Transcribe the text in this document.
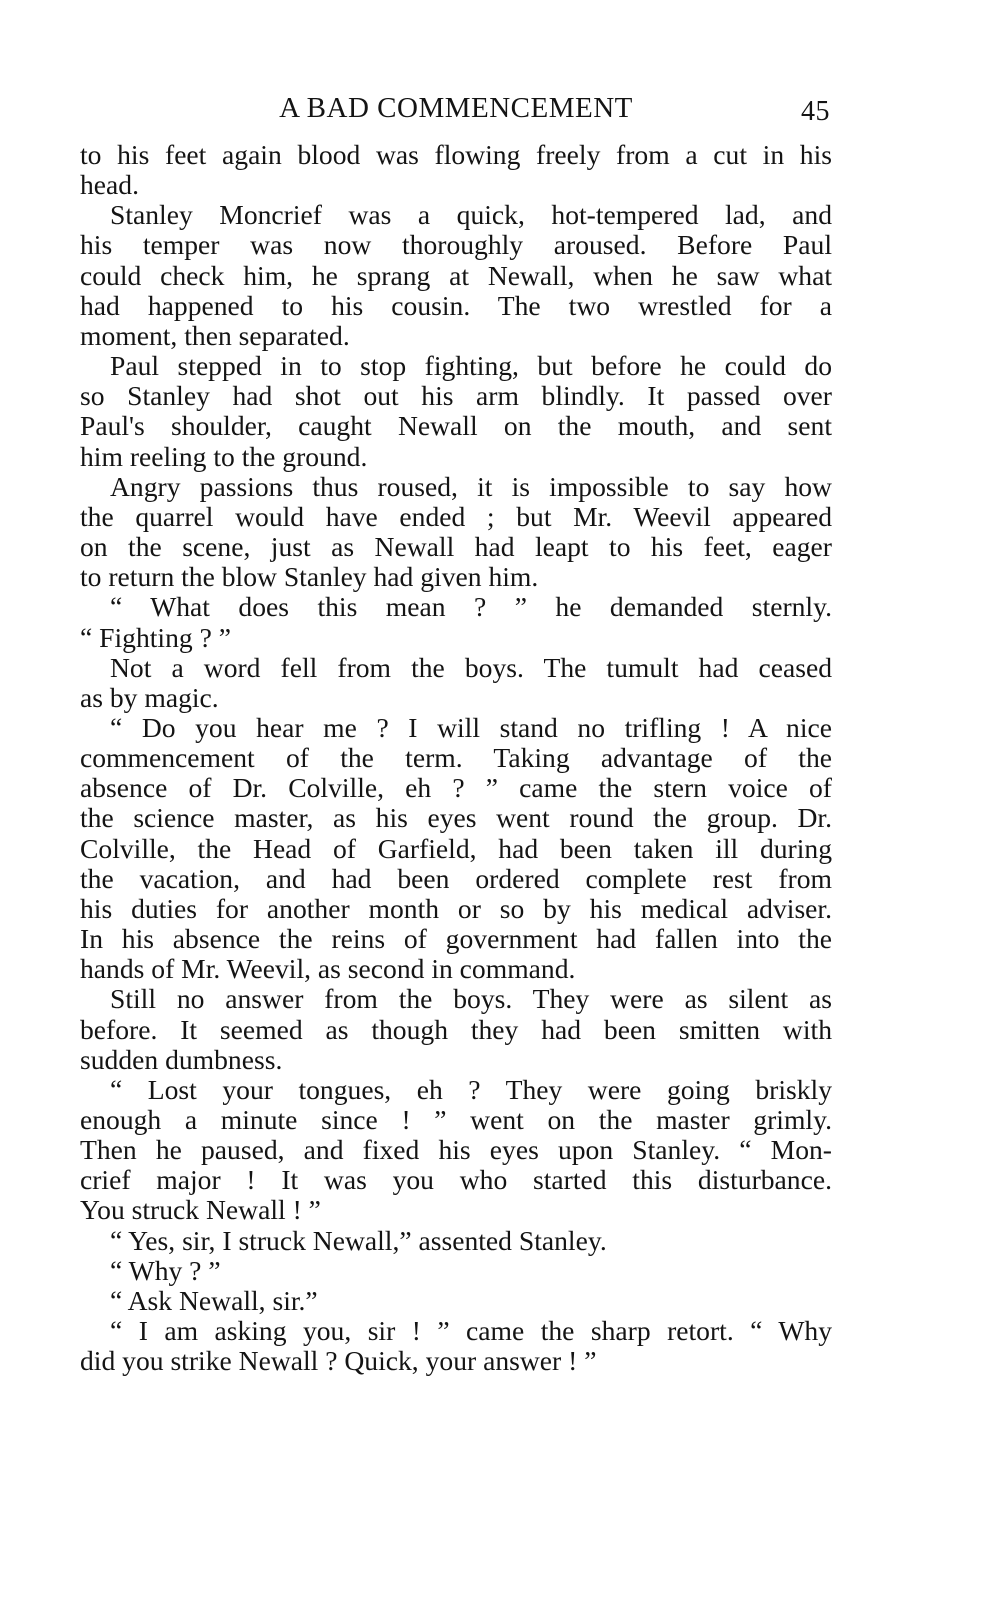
A BAD COMMENCEMENT	45
to his feet again blood was flowing freely from a cut in his
head.
Stanley Moncrief was a quick, hot-tempered lad, and
his temper was now thoroughly aroused. Before Paul
could check him, he sprang at Newall, when he saw what
had happened to his cousin. The two wrestled for a
moment, then separated.
Paul stepped in to stop fighting, but before he could do
so Stanley had shot out his arm blindly. It passed over
Paul's shoulder, caught Newall on the mouth, and sent
him reeling to the ground.
Angry passions thus roused, it is impossible to say how
the quarrel would have ended ; but Mr. Weevil appeared
on the scene, just as Newall had leapt to his feet, eager
to return the blow Stanley had given him.
“ What does this mean ? ” he demanded sternly.
“ Fighting ? ”
Not a word fell from the boys. The tumult had ceased
as by magic.
“ Do you hear me ? I will stand no trifling ! A nice
commencement of the term. Taking advantage of the
absence of Dr. Colville, eh ? ” came the stern voice of
the science master, as his eyes went round the group. Dr.
Colville, the Head of Garfield, had been taken ill during
the vacation, and had been ordered complete rest from
his duties for another month or so by his medical adviser.
In his absence the reins of government had fallen into the
hands of Mr. Weevil, as second in command.
Still no answer from the boys. They were as silent as
before. It seemed as though they had been smitten with
sudden dumbness.
“ Lost your tongues, eh ? They were going briskly
enough a minute since ! ” went on the master grimly.
Then he paused, and fixed his eyes upon Stanley. “ Mon-
crief major ! It was you who started this disturbance.
You struck Newall ! ”
“ Yes, sir, I struck Newall,” assented Stanley.
“ Why ? ”
“ Ask Newall, sir.”
“ I am asking you, sir ! ” came the sharp retort. “ Why
did you strike Newall ? Quick, your answer ! ”
